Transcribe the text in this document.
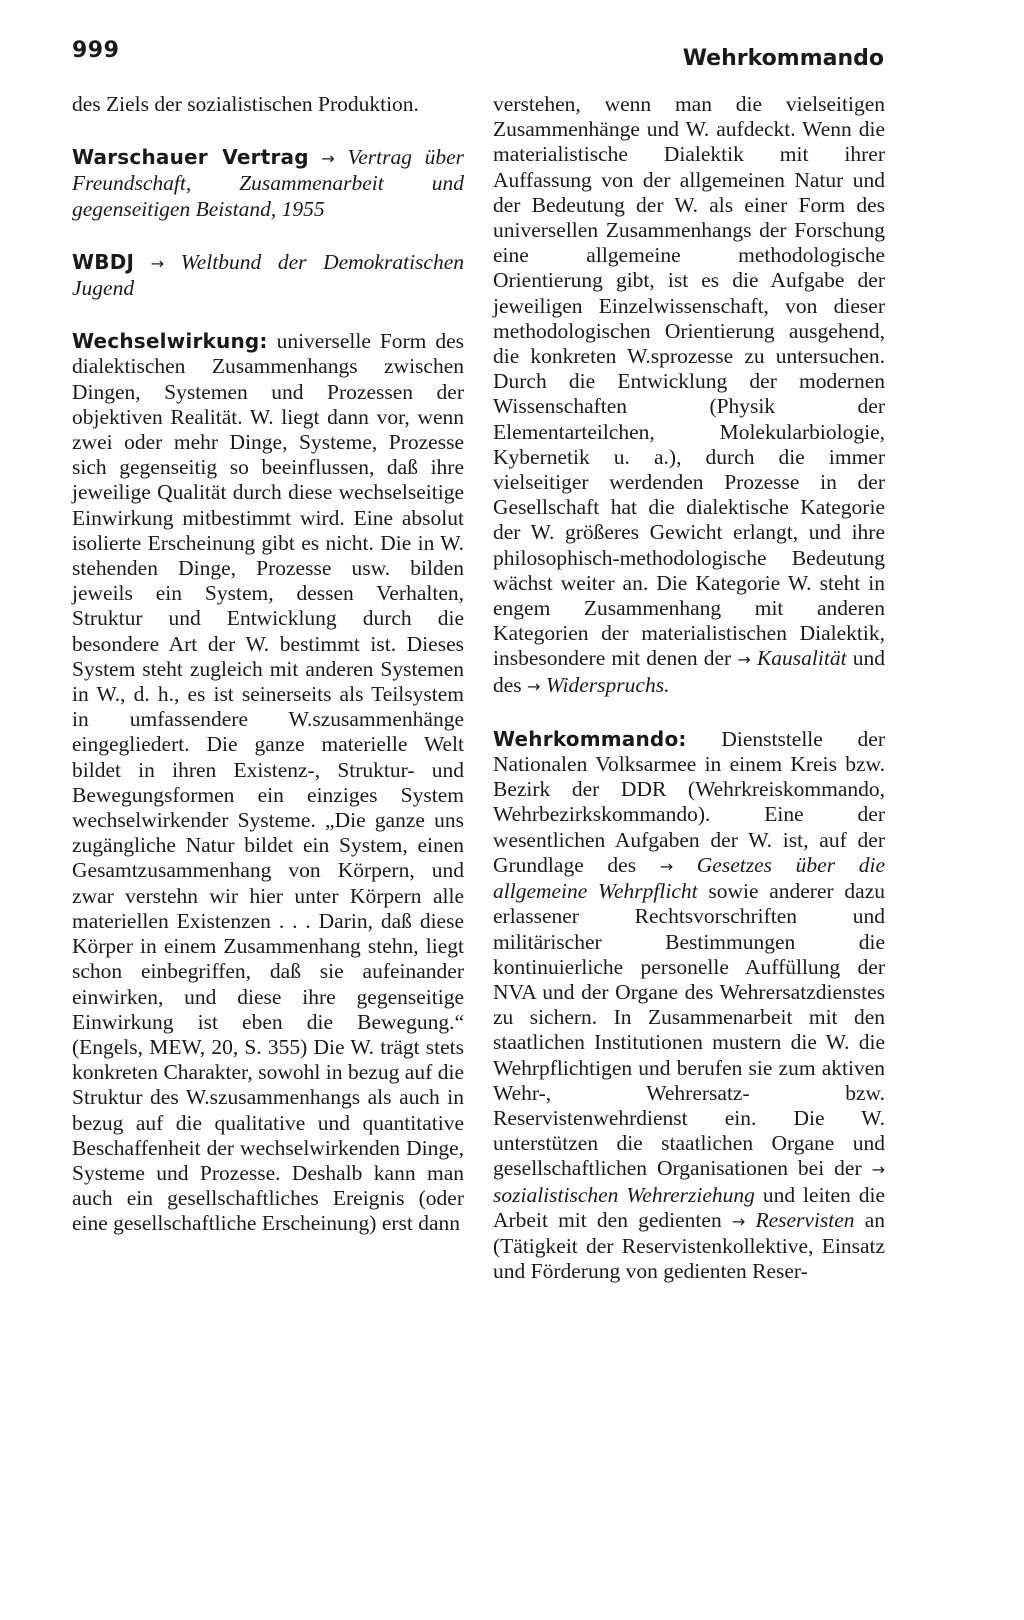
999	Wehrkommando

des Ziels der sozialistischen Produktion.

Warschauer Vertrag → Vertrag über Freundschaft, Zusammenarbeit und gegenseitigen Beistand, 1955

WBDJ → Weltbund der Demokratischen Jugend

Wechselwirkung: universelle Form des dialektischen Zusammenhangs zwischen Dingen, Systemen und Prozessen der objektiven Realität. W. liegt dann vor, wenn zwei oder mehr Dinge, Systeme, Prozesse sich gegenseitig so beeinflussen, daß ihre jeweilige Qualität durch diese wechselseitige Einwirkung mitbestimmt wird. Eine absolut isolierte Erscheinung gibt es nicht. Die in W. stehenden Dinge, Prozesse usw. bilden jeweils ein System, dessen Verhalten, Struktur und Entwicklung durch die besondere Art der W. bestimmt ist. Dieses System steht zugleich mit anderen Systemen in W., d. h., es ist seinerseits als Teilsystem in umfassendere W.szusammenhänge eingegliedert. Die ganze materielle Welt bildet in ihren Existenz-, Struktur- und Bewegungsformen ein einziges System wechselwirkender Systeme. „Die ganze uns zugängliche Natur bildet ein System, einen Gesamtzusammenhang von Körpern, und zwar verstehn wir hier unter Körpern alle materiellen Existenzen . . . Darin, daß diese Körper in einem Zusammenhang stehn, liegt schon einbegriffen, daß sie aufeinander einwirken, und diese ihre gegenseitige Einwirkung ist eben die Bewegung.“ (Engels, MEW, 20, S. 355) Die W. trägt stets konkreten Charakter, sowohl in bezug auf die Struktur des W.szusammenhangs als auch in bezug auf die qualitative und quantitative Beschaffenheit der wechselwirkenden Dinge, Systeme und Prozesse. Deshalb kann man auch ein gesellschaftliches Ereignis (oder eine gesellschaftliche Erscheinung) erst dann

verstehen, wenn man die vielseitigen Zusammenhänge und W. aufdeckt. Wenn die materialistische Dialektik mit ihrer Auffassung von der allgemeinen Natur und der Bedeutung der W. als einer Form des universellen Zusammenhangs der Forschung eine allgemeine methodologische Orientierung gibt, ist es die Aufgabe der jeweiligen Einzelwissenschaft, von dieser methodologischen Orientierung ausgehend, die konkreten W.sprozesse zu untersuchen. Durch die Entwicklung der modernen Wissenschaften (Physik der Elementarteilchen, Molekularbiologie, Kybernetik u. a.), durch die immer vielseitiger werdenden Prozesse in der Gesellschaft hat die dialektische Kategorie der W. größeres Gewicht erlangt, und ihre philosophisch-methodologische Bedeutung wächst weiter an. Die Kategorie W. steht in engem Zusammenhang mit anderen Kategorien der materialistischen Dialektik, insbesondere mit denen der → Kausalität und des → Widerspruchs.

Wehrkommando: Dienststelle der Nationalen Volksarmee in einem Kreis bzw. Bezirk der DDR (Wehrkreiskommando, Wehrbezirkskommando). Eine der wesentlichen Aufgaben der W. ist, auf der Grundlage des → Gesetzes über die allgemeine Wehrpflicht sowie anderer dazu erlassener Rechtsvorschriften und militärischer Bestimmungen die kontinuierliche personelle Auffüllung der NVA und der Organe des Wehrersatzdienstes zu sichern. In Zusammenarbeit mit den staatlichen Institutionen mustern die W. die Wehrpflichtigen und berufen sie zum aktiven Wehr-, Wehrersatz- bzw. Reservistenwehrdienst ein. Die W. unterstützen die staatlichen Organe und gesellschaftlichen Organisationen bei der → sozialistischen Wehrerziehung und leiten die Arbeit mit den gedienten → Reservisten an (Tätigkeit der Reservistenkollektive, Einsatz und Förderung von gedienten Reser-
